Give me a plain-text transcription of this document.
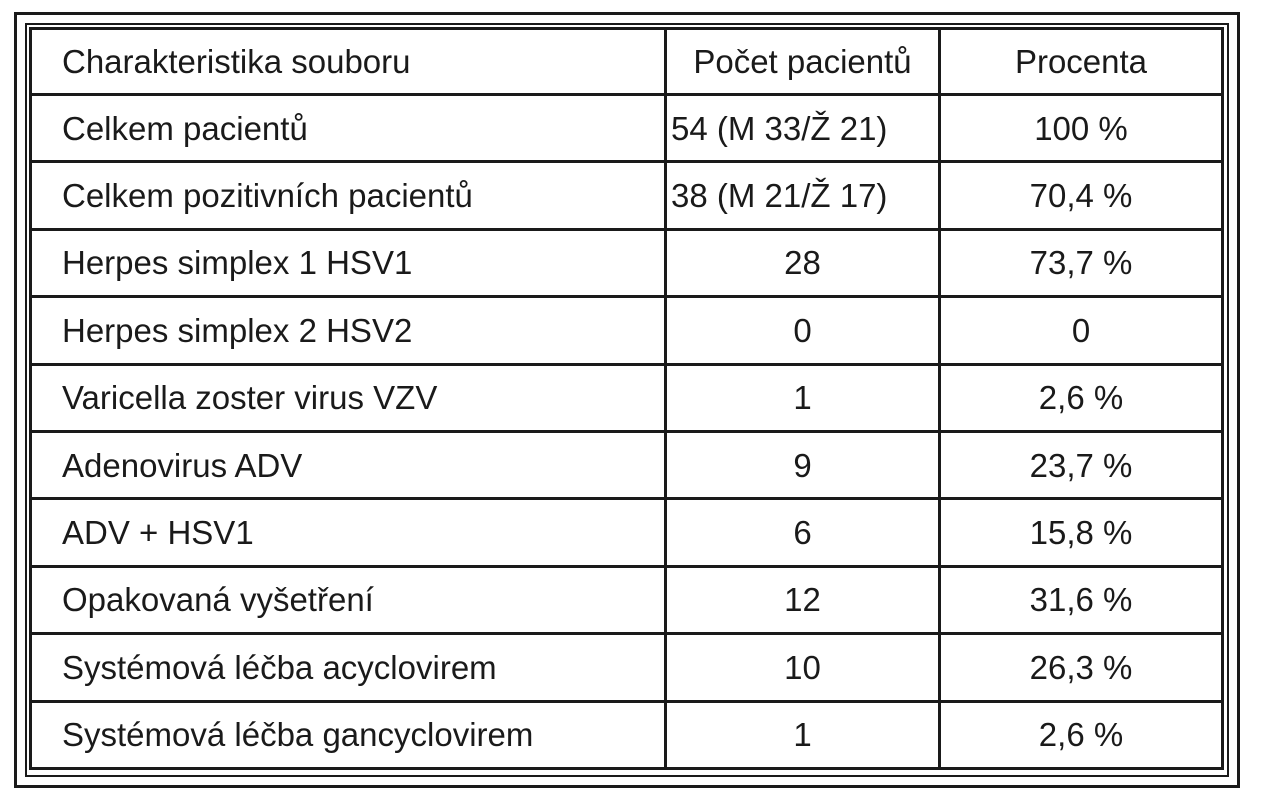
Charakteristika souboru	Počet pacientů	Procenta
Celkem pacientů	54 (M 33/Ž 21)	100 %
Celkem pozitivních pacientů	38 (M 21/Ž 17)	70,4 %
Herpes simplex 1 HSV1	28	73,7 %
Herpes simplex 2 HSV2	0	0
Varicella zoster virus VZV	1	2,6 %
Adenovirus ADV	9	23,7 %
ADV + HSV1	6	15,8 %
Opakovaná vyšetření	12	31,6 %
Systémová léčba acyclovirem	10	26,3 %
Systémová léčba gancyclovirem	1	2,6 %
